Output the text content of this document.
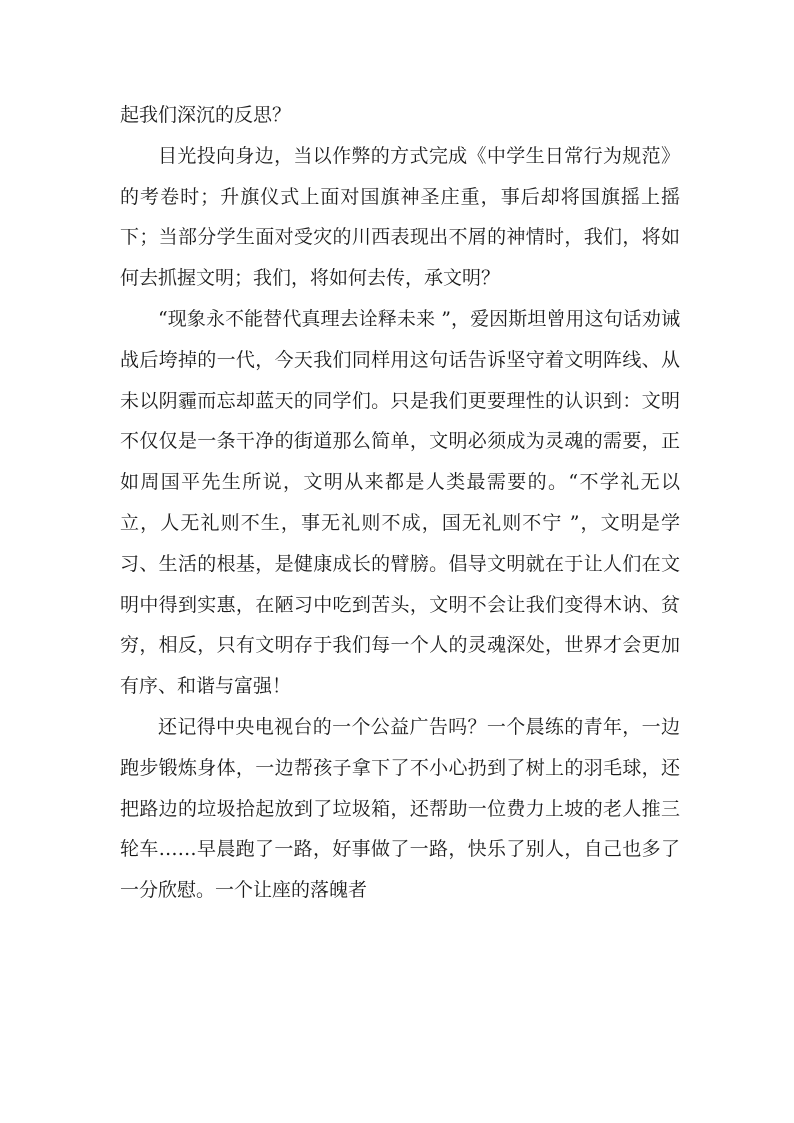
起我们深沉的反思？

目光投向身边，当以作弊的方式完成《中学生日常行为规范》的考卷时；升旗仪式上面对国旗神圣庄重，事后却将国旗摇上摇下；当部分学生面对受灾的川西表现出不屑的神情时，我们，将如何去抓握文明；我们，将如何去传，承文明？

“现象永不能替代真理去诠释未来 ”，爱因斯坦曾用这句话劝诫战后垮掉的一代，今天我们同样用这句话告诉坚守着文明阵线、从未以阴霾而忘却蓝天的同学们。只是我们更要理性的认识到：文明不仅仅是一条干净的街道那么简单，文明必须成为灵魂的需要，正如周国平先生所说，文明从来都是人类最需要的。“不学礼无以立，人无礼则不生，事无礼则不成，国无礼则不宁 ”，文明是学习、生活的根基，是健康成长的臂膀。倡导文明就在于让人们在文明中得到实惠，在陋习中吃到苦头，文明不会让我们变得木讷、贫穷，相反，只有文明存于我们每一个人的灵魂深处，世界才会更加有序、和谐与富强！

还记得中央电视台的一个公益广告吗？一个晨练的青年，一边跑步锻炼身体，一边帮孩子拿下了不小心扔到了树上的羽毛球，还把路边的垃圾拾起放到了垃圾箱，还帮助一位费力上坡的老人推三轮车……早晨跑了一路，好事做了一路，快乐了别人，自己也多了一分欣慰。一个让座的落魄者
